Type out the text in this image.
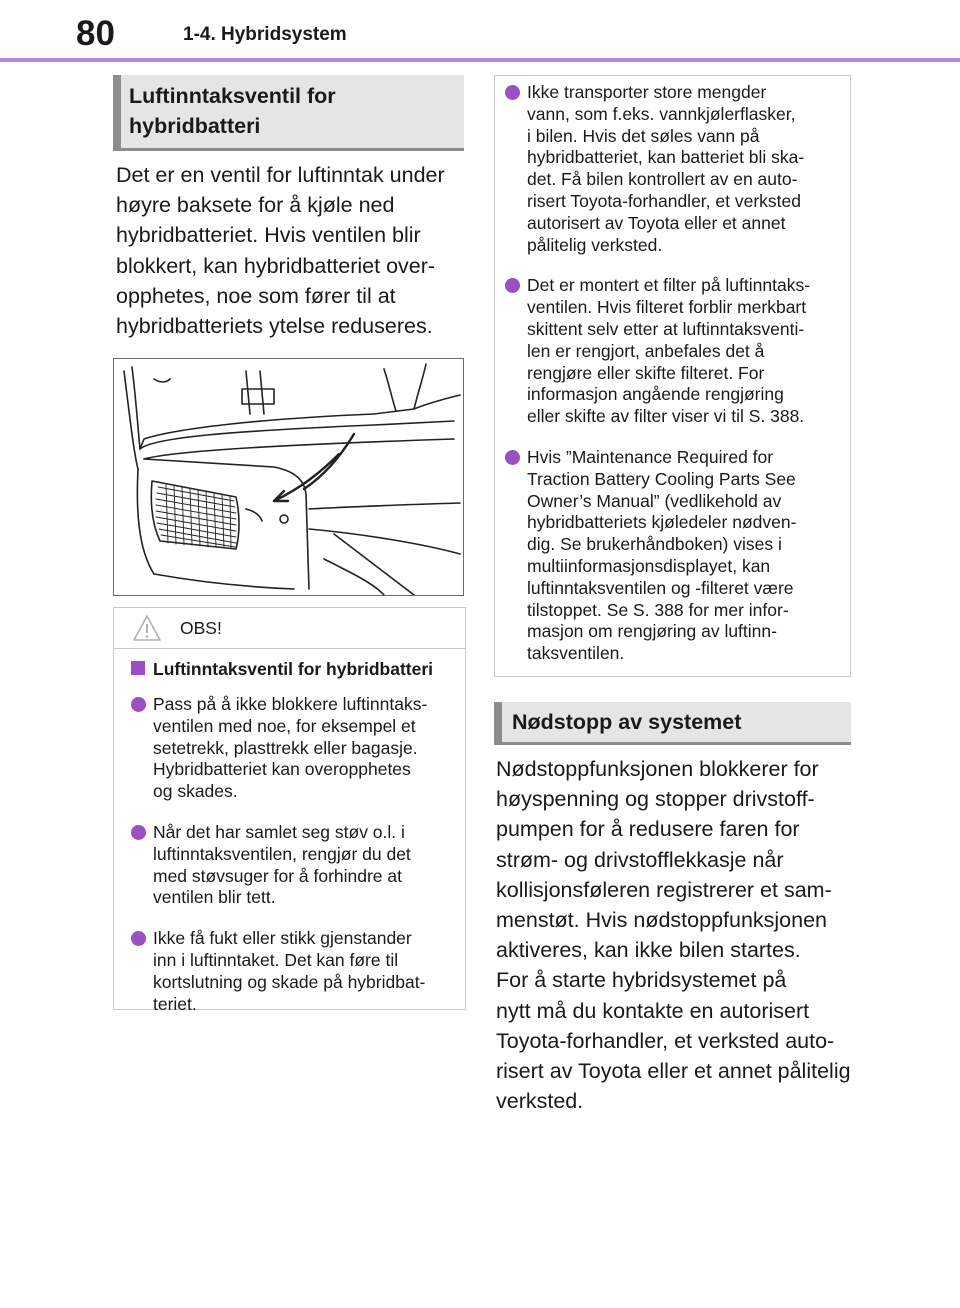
80	1-4. Hybridsystem
Luftinntaksventil for
hybridbatteri

Det er en ventil for luftinntak under

høyre baksete for å kjøle ned

hybridbatteriet. Hvis ventilen blir

blokkert, kan hybridbatteriet over-

opphetes, noe som fører til at

hybridbatteriets ytelse reduseres.

OBS!
Luftinntaksventil for hybridbatteri
Pass på å ikke blokkere luftinntaks-
ventilen med noe, for eksempel et
setetrekk, plasttrekk eller bagasje.
Hybridbatteriet kan overopphetes
og skades.
Når det har samlet seg støv o.l. i
luftinntaksventilen, rengjør du det
med støvsuger for å forhindre at
ventilen blir tett.
Ikke få fukt eller stikk gjenstander
inn i luftinntaket. Det kan føre til
kortslutning og skade på hybridbat-
teriet.
Ikke transporter store mengder
vann, som f.eks. vannkjølerflasker,
i bilen. Hvis det søles vann på
hybridbatteriet, kan batteriet bli ska-
det. Få bilen kontrollert av en auto-
risert Toyota-forhandler, et verksted
autorisert av Toyota eller et annet
pålitelig verksted.
Det er montert et filter på luftinntaks-
ventilen. Hvis filteret forblir merkbart
skittent selv etter at luftinntaksventi-
len er rengjort, anbefales det å
rengjøre eller skifte filteret. For
informasjon angående rengjøring
eller skifte av filter viser vi til S. 388.
Hvis ”Maintenance Required for
Traction Battery Cooling Parts See
Owner’s Manual” (vedlikehold av
hybridbatteriets kjøledeler nødven-
dig. Se brukerhåndboken) vises i
multiinformasjonsdisplayet, kan
luftinntaksventilen og -filteret være
tilstoppet. Se S. 388 for mer infor-
masjon om rengjøring av luftinn-
taksventilen.
Nødstopp av systemet

Nødstoppfunksjonen blokkerer for

høyspenning og stopper drivstoff-

pumpen for å redusere faren for

strøm- og drivstofflekkasje når

kollisjonsføleren registrerer et sam-

menstøt. Hvis nødstoppfunksjonen

aktiveres, kan ikke bilen startes.

For å starte hybridsystemet på

nytt må du kontakte en autorisert

Toyota-forhandler, et verksted auto-

risert av Toyota eller et annet pålitelig

verksted.
